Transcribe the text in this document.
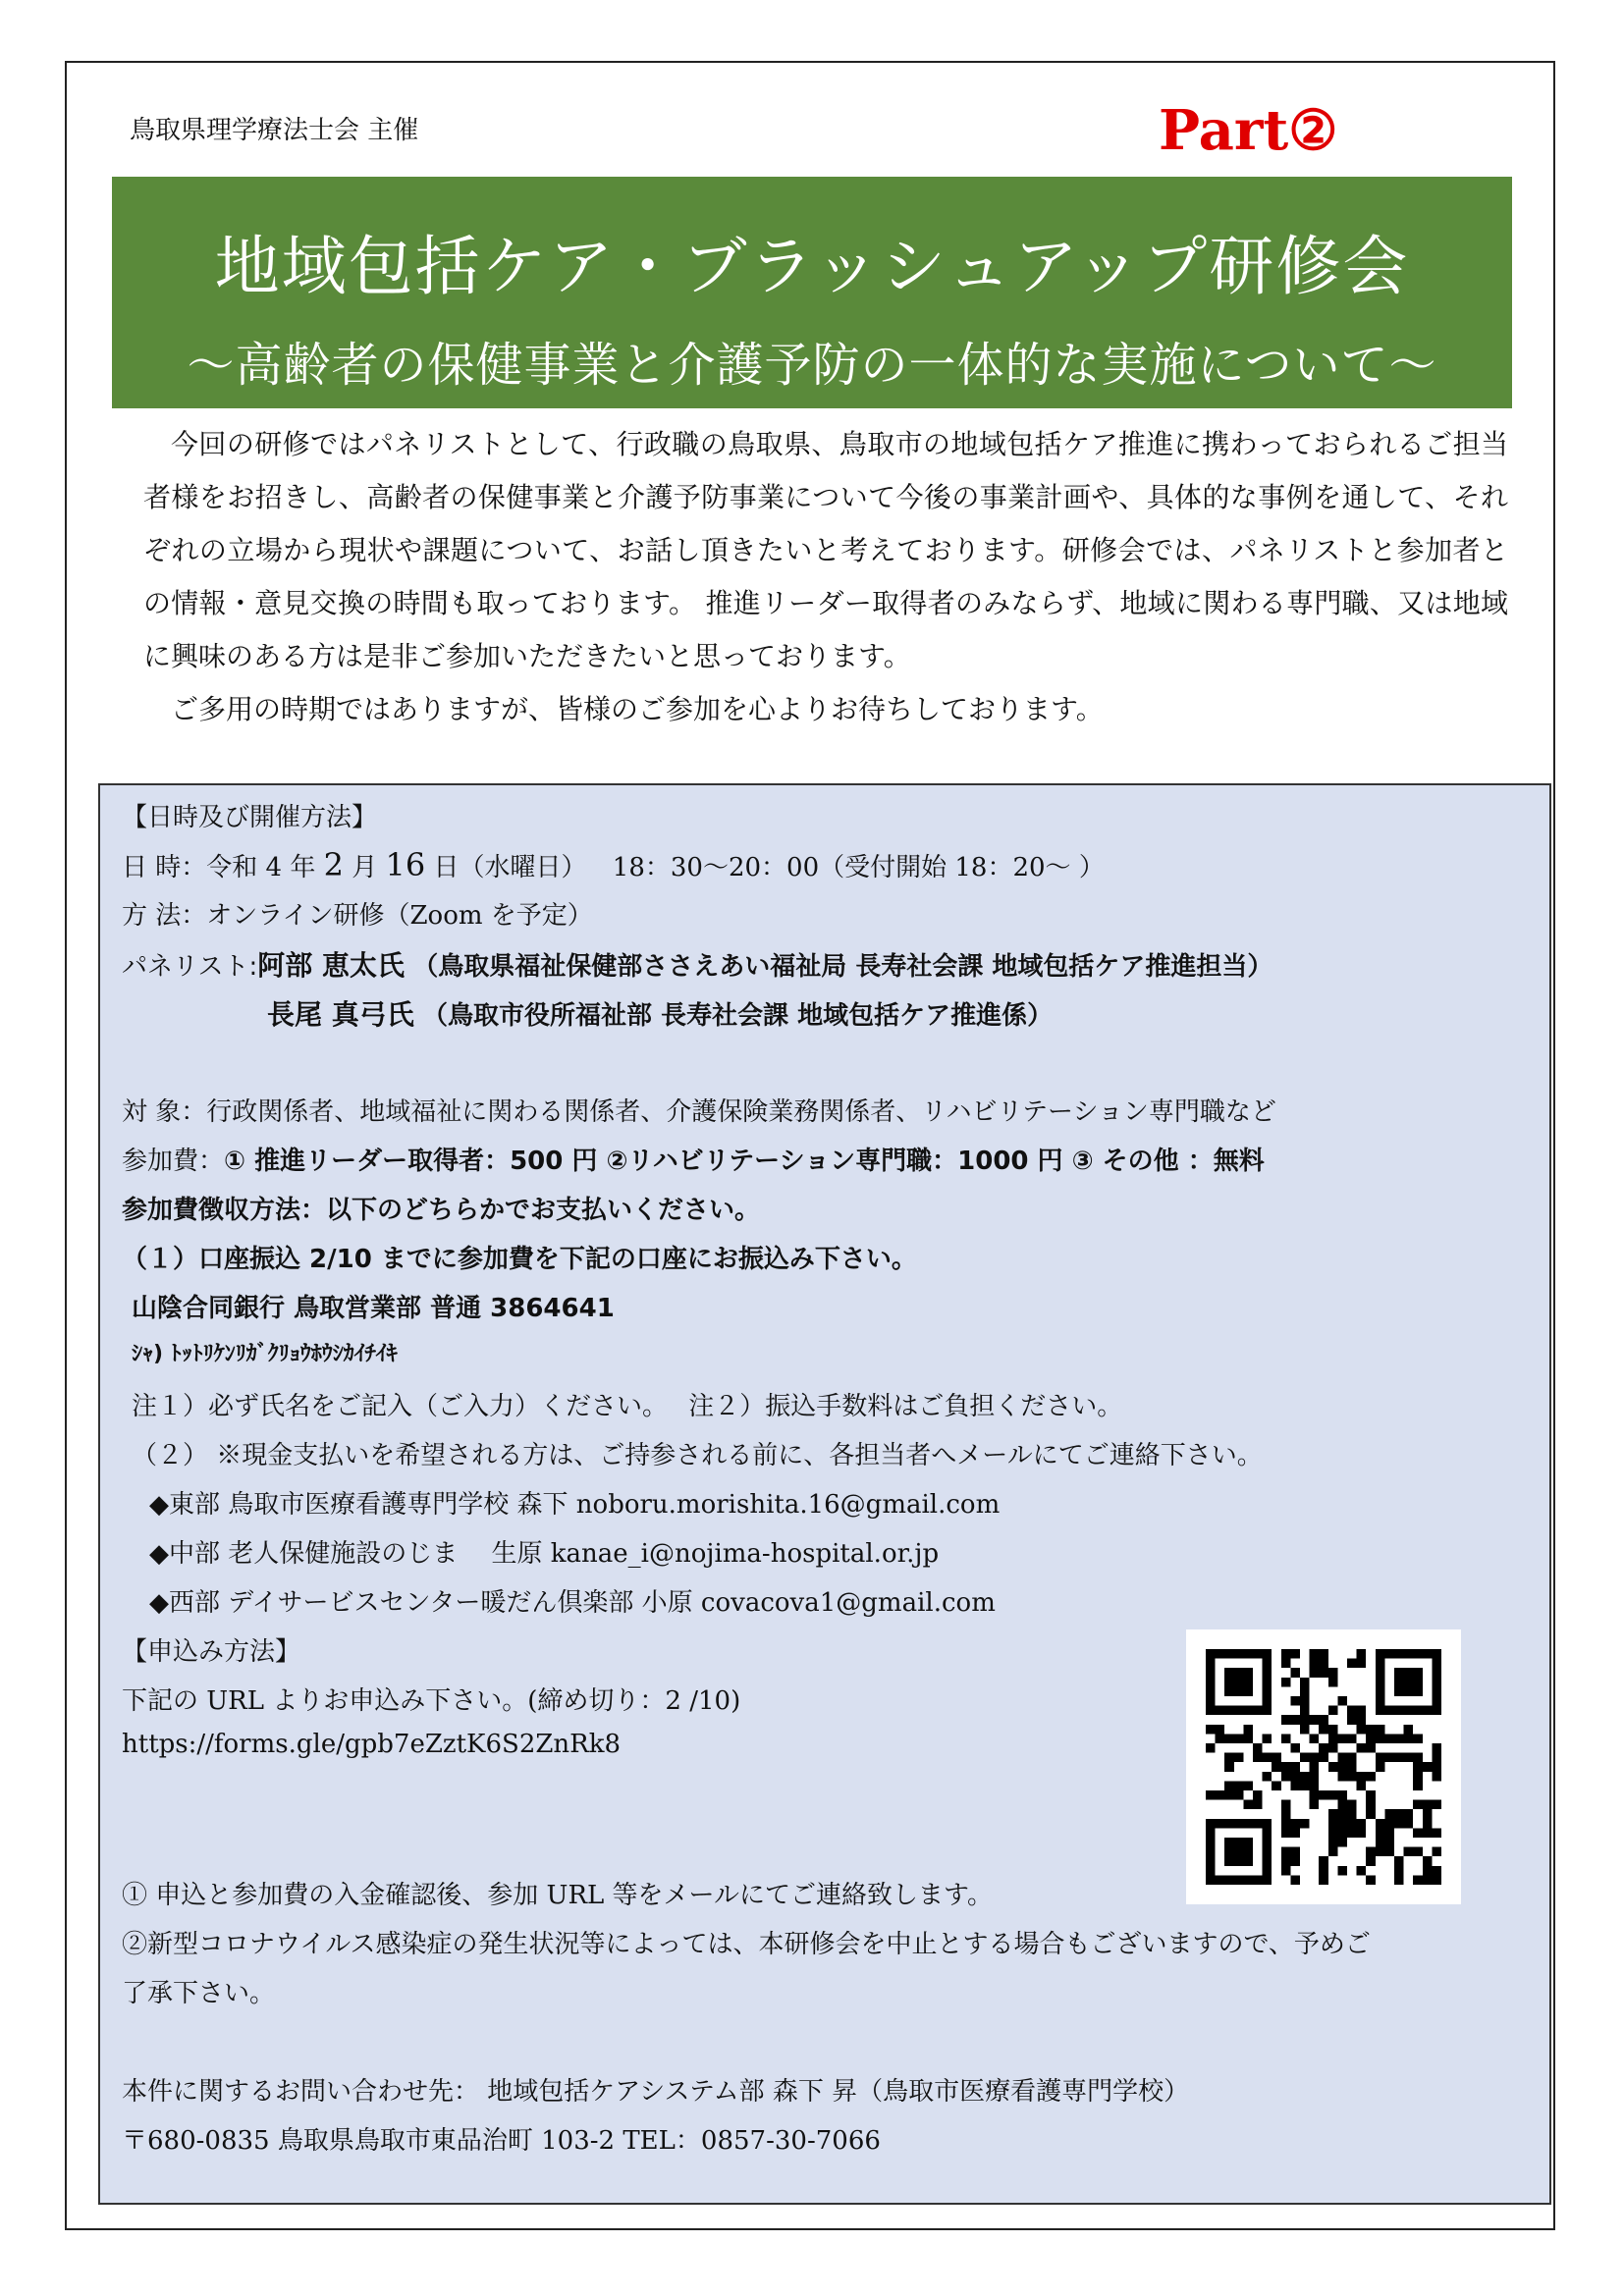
鳥取県理学療法士会 主催	Part②
地域包括ケア・ブラッシュアップ研修会
～高齢者の保健事業と介護予防の一体的な実施について～

今回の研修ではパネリストとして、行政職の鳥取県、鳥取市の地域包括ケア推進に携わっておられるご担当者様をお招きし、高齢者の保健事業と介護予防事業について今後の事業計画や、具体的な事例を通して、それぞれの立場から現状や課題について、お話し頂きたいと考えております。研修会では、パネリストと参加者との情報・意見交換の時間も取っております。 推進リーダー取得者のみならず、地域に関わる専門職、又は地域に興味のある方は是非ご参加いただきたいと思っております。

ご多用の時期ではありますが、皆様のご参加を心よりお待ちしております。

【日時及び開催方法】
日 時：令和 4 年 2 月 16 日（水曜日） 18：30～20：00（受付開始 18：20～ ）
方 法：オンライン研修（Zoom を予定）
パネリスト:阿部 恵太氏 （鳥取県福祉保健部ささえあい福祉局 長寿社会課 地域包括ケア推進担当）
長尾 真弓氏 （鳥取市役所福祉部 長寿社会課 地域包括ケア推進係）
対 象：行政関係者、地域福祉に関わる関係者、介護保険業務関係者、リハビリテーション専門職など
参加費：① 推進リーダー取得者：500 円 ②リハビリテーション専門職：1000 円 ③ その他 ：無料
参加費徴収方法：以下のどちらかでお支払いください。
（１）口座振込 2/10 までに参加費を下記の口座にお振込み下さい。
山陰合同銀行 鳥取営業部 普通 3864641
ｼｬ) ﾄｯﾄﾘｹﾝﾘｶﾞｸﾘｮｳﾎｳｼｶｲﾁｲｷ
注１）必ず氏名をご記入（ご入力）ください。　 注２）振込手数料はご負担ください。
（２） ※現金支払いを希望される方は、ご持参される前に、各担当者へメールにてご連絡下さい。
◆東部 鳥取市医療看護専門学校 森下 noboru.morishita.16@gmail.com
◆中部 老人保健施設のじま　 生原 kanae_i@nojima-hospital.or.jp
◆西部 デイサービスセンター暖だん倶楽部 小原 covacova1@gmail.com
【申込み方法】
下記の URL よりお申込み下さい。(締め切り：2 /10)
https://forms.gle/gpb7eZztK6S2ZnRk8
① 申込と参加費の入金確認後、参加 URL 等をメールにてご連絡致します。
②新型コロナウイルス感染症の発生状況等によっては、本研修会を中止とする場合もございますので、予めご
了承下さい。
本件に関するお問い合わせ先： 地域包括ケアシステム部 森下 昇（鳥取市医療看護専門学校）
〒680-0835 鳥取県鳥取市東品治町 103-2 TEL：0857-30-7066
